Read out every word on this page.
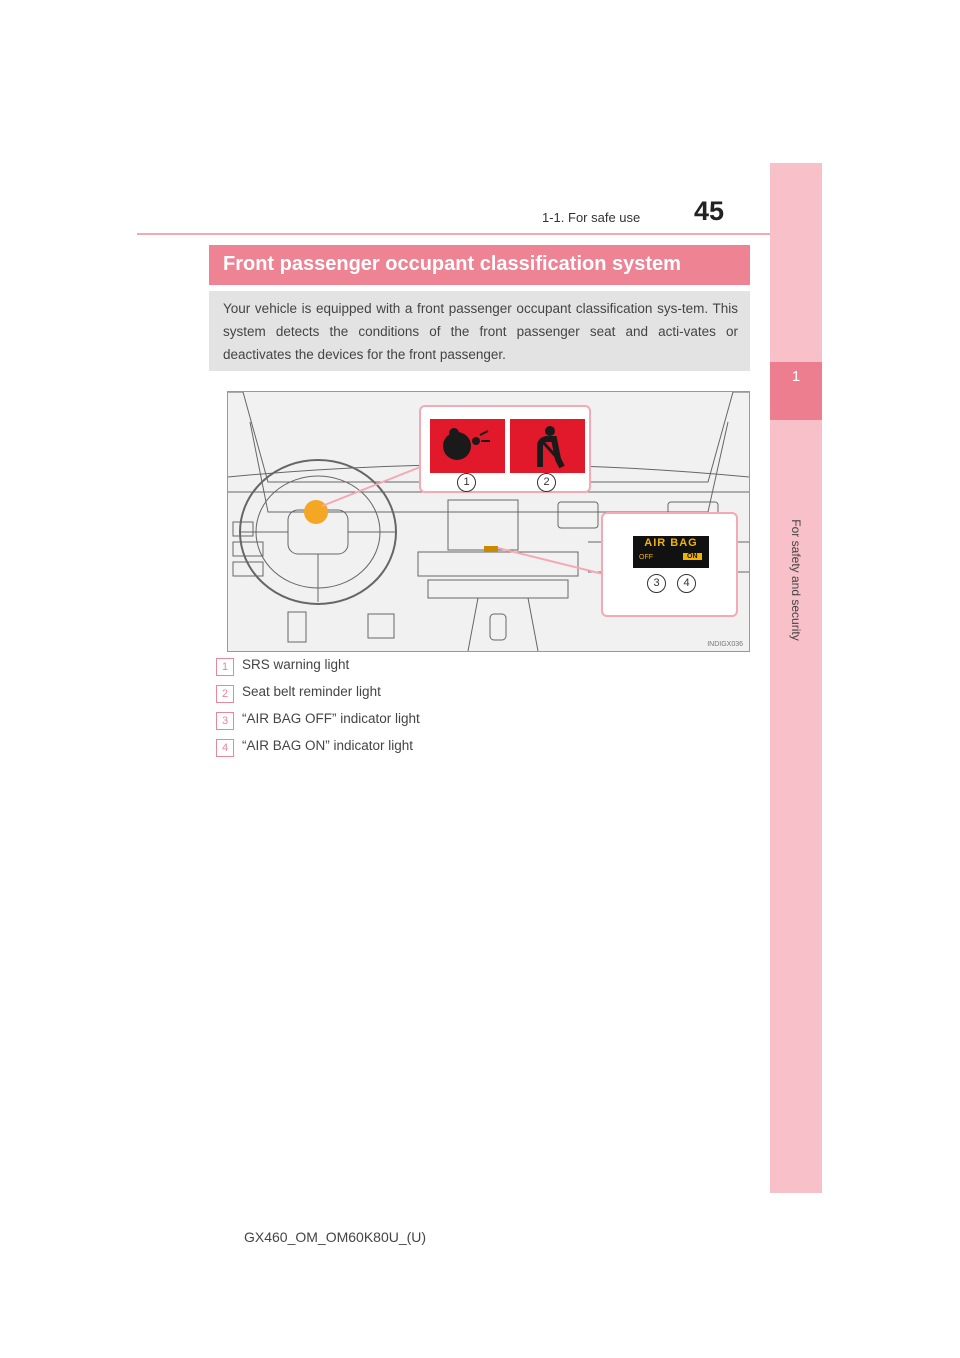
1-1. For safe use 45
1
For safety and security
Front passenger occupant classification system
Your vehicle is equipped with a front passenger occupant classification sys-tem. This system detects the conditions of the front passenger seat and acti-vates or deactivates the devices for the front passenger.
INDIGX036
1	2
AIR BAG
OFF	ON
3	4
1	SRS warning light
2	Seat belt reminder light
3	“AIR BAG OFF” indicator light
4	“AIR BAG ON” indicator light
GX460_OM_OM60K80U_(U)
